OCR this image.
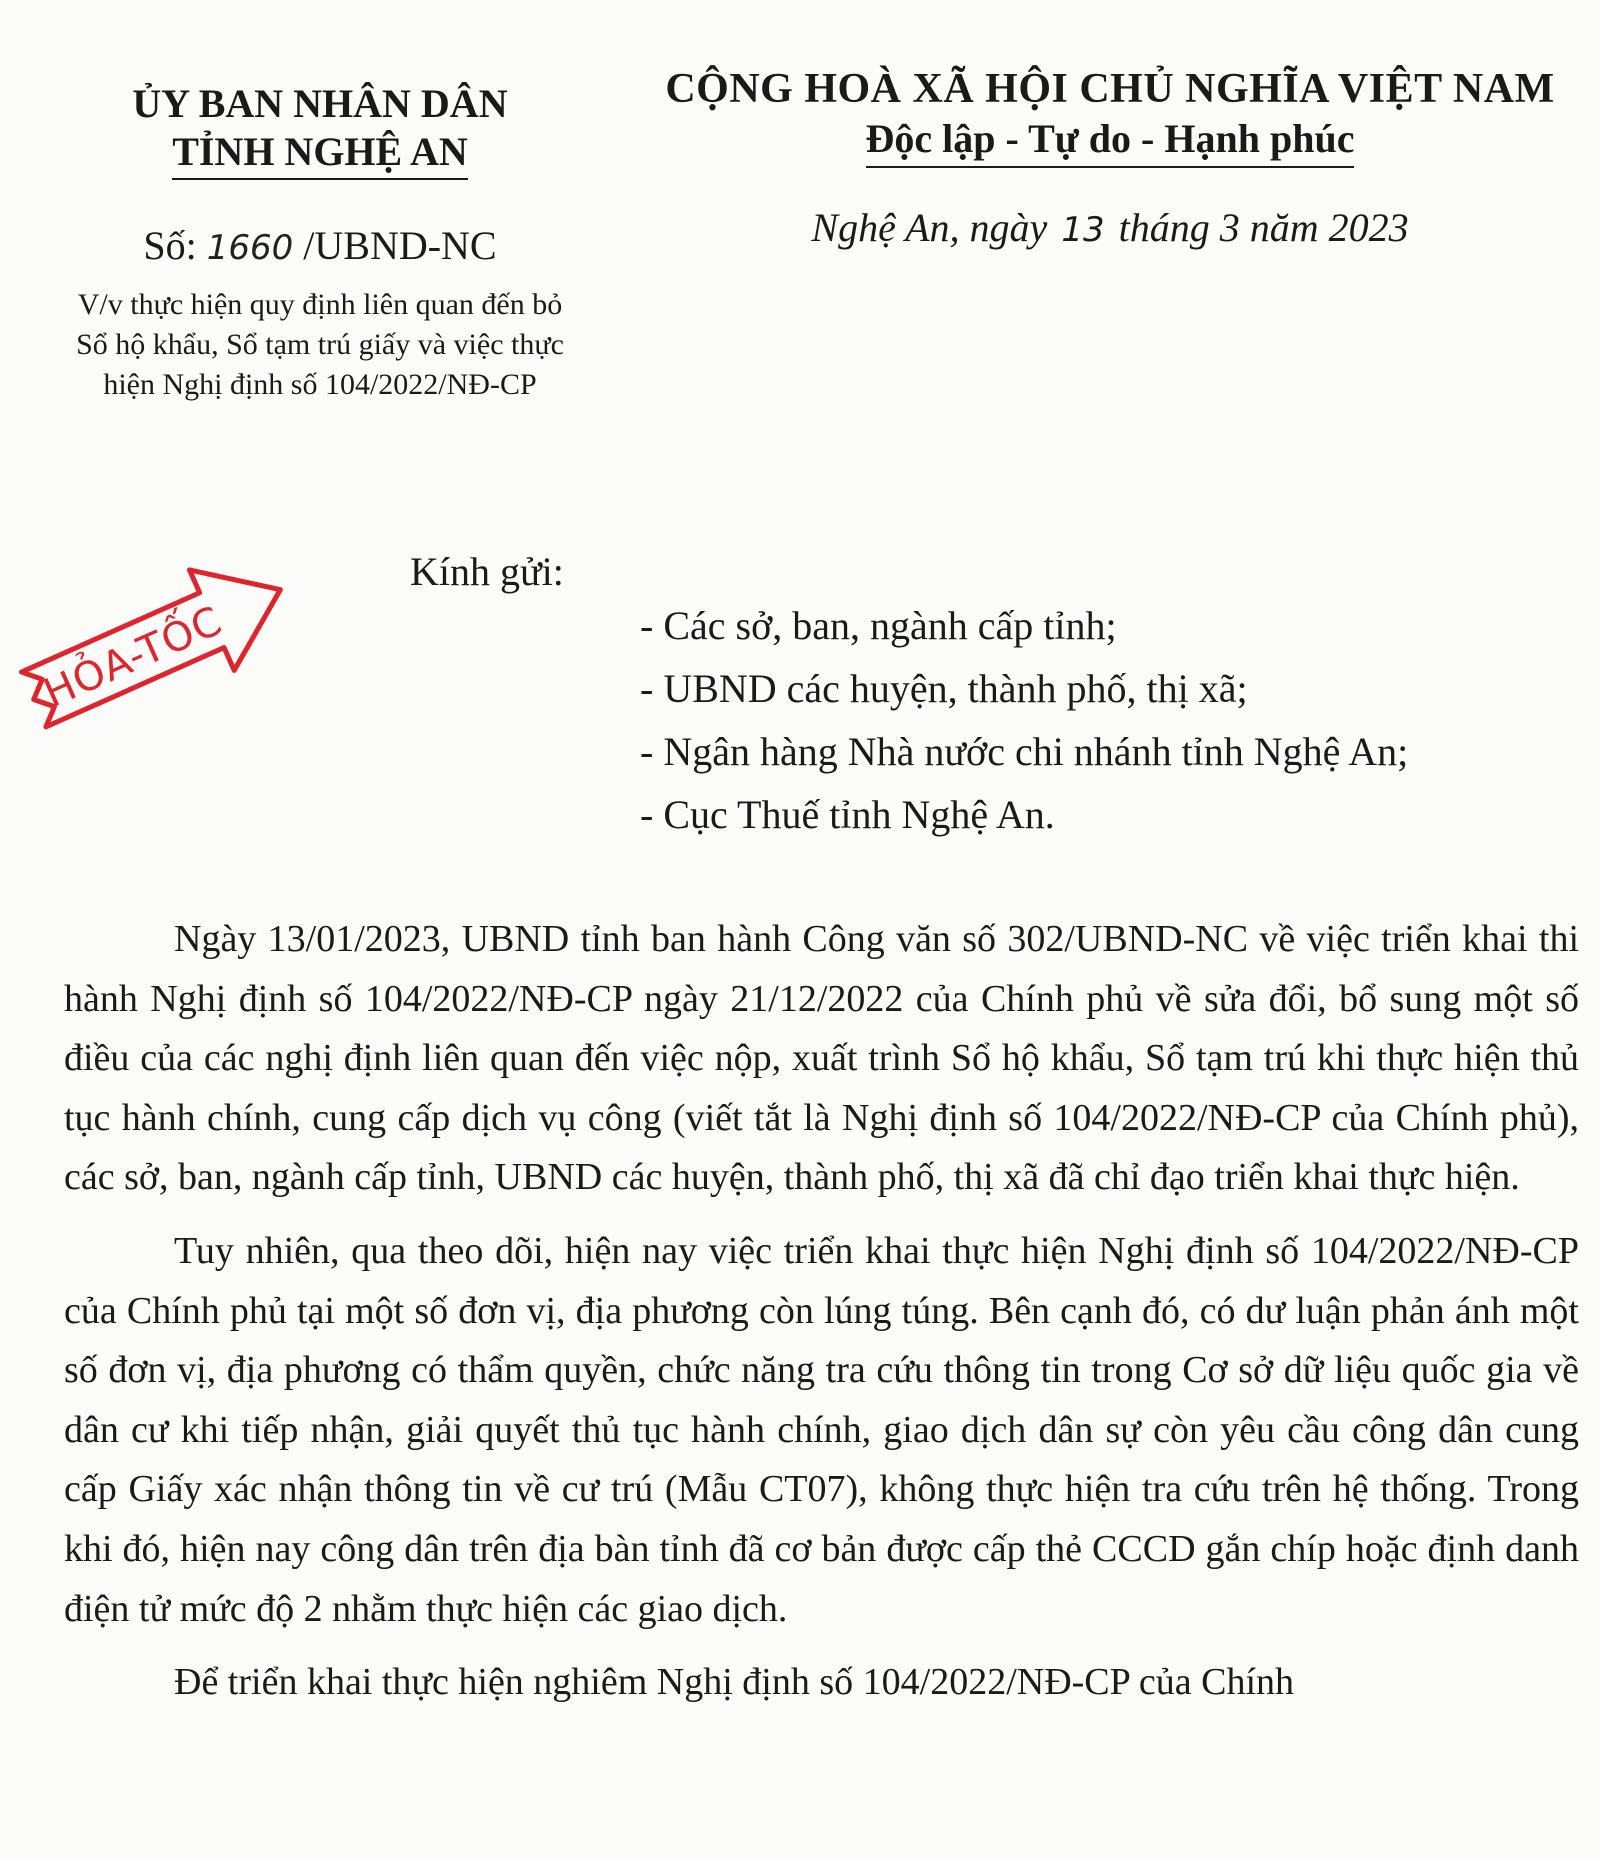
ỦY BAN NHÂN DÂN
TỈNH NGHỆ AN
Số: 1660 /UBND-NC
V/v thực hiện quy định liên quan đến bỏ
Sổ hộ khẩu, Sổ tạm trú giấy và việc thực
hiện Nghị định số 104/2022/NĐ-CP
CỘNG HOÀ XÃ HỘI CHỦ NGHĨA VIỆT NAM
Độc lập - Tự do - Hạnh phúc
Nghệ An, ngày 13 tháng 3 năm 2023
HỎA-TỐC
Kính gửi:
- Các sở, ban, ngành cấp tỉnh;
- UBND các huyện, thành phố, thị xã;
- Ngân hàng Nhà nước chi nhánh tỉnh Nghệ An;
- Cục Thuế tỉnh Nghệ An.

Ngày 13/01/2023, UBND tỉnh ban hành Công văn số 302/UBND-NC về việc triển khai thi hành Nghị định số 104/2022/NĐ-CP ngày 21/12/2022 của Chính phủ về sửa đổi, bổ sung một số điều của các nghị định liên quan đến việc nộp, xuất trình Sổ hộ khẩu, Sổ tạm trú khi thực hiện thủ tục hành chính, cung cấp dịch vụ công (viết tắt là Nghị định số 104/2022/NĐ-CP của Chính phủ), các sở, ban, ngành cấp tỉnh, UBND các huyện, thành phố, thị xã đã chỉ đạo triển khai thực hiện.

Tuy nhiên, qua theo dõi, hiện nay việc triển khai thực hiện Nghị định số 104/2022/NĐ-CP của Chính phủ tại một số đơn vị, địa phương còn lúng túng. Bên cạnh đó, có dư luận phản ánh một số đơn vị, địa phương có thẩm quyền, chức năng tra cứu thông tin trong Cơ sở dữ liệu quốc gia về dân cư khi tiếp nhận, giải quyết thủ tục hành chính, giao dịch dân sự còn yêu cầu công dân cung cấp Giấy xác nhận thông tin về cư trú (Mẫu CT07), không thực hiện tra cứu trên hệ thống. Trong khi đó, hiện nay công dân trên địa bàn tỉnh đã cơ bản được cấp thẻ CCCD gắn chíp hoặc định danh điện tử mức độ 2 nhằm thực hiện các giao dịch.

Để triển khai thực hiện nghiêm Nghị định số 104/2022/NĐ-CP của Chính
